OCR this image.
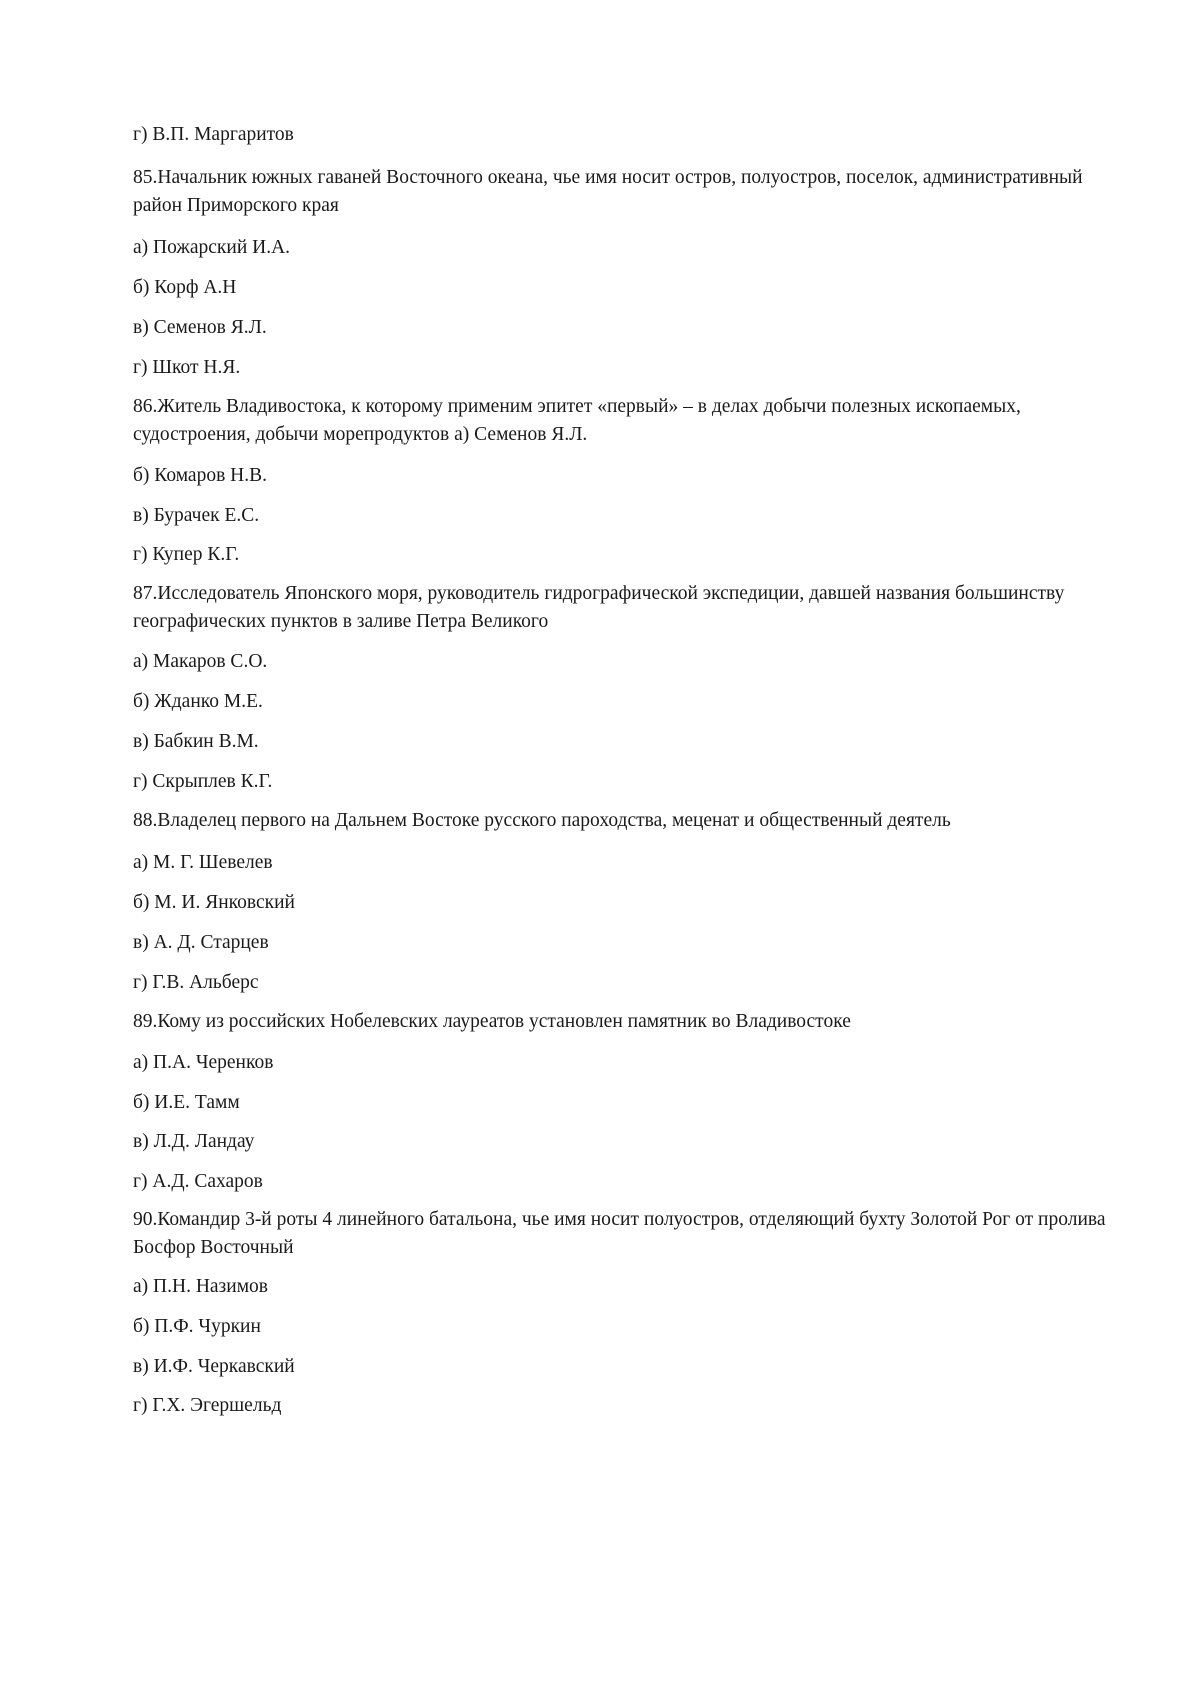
г) В.П. Маргаритов
85.Начальник южных гаваней Восточного океана, чье имя носит остров, полуостров, поселок, административный район Приморского края
а) Пожарский И.А.
б) Корф А.Н
в) Семенов Я.Л.
г) Шкот Н.Я.
86.Житель Владивостока, к которому применим эпитет «первый» – в делах добычи полезных ископаемых, судостроения, добычи морепродуктов а) Семенов Я.Л.
б) Комаров Н.В.
в) Бурачек Е.С.
г) Купер К.Г.
87.Исследователь Японского моря, руководитель гидрографической экспедиции, давшей названия большинству географических пунктов в заливе Петра Великого
а) Макаров С.О.
б) Жданко М.Е.
в) Бабкин В.М.
г) Скрыплев К.Г.
88.Владелец первого на Дальнем Востоке русского пароходства, меценат и общественный деятель
а) М. Г. Шевелев
б) М. И. Янковский
в) А. Д. Старцев
г) Г.В. Альберс
89.Кому из российских Нобелевских лауреатов установлен памятник во Владивостоке
а) П.А. Черенков
б) И.Е. Тамм
в) Л.Д. Ландау
г) А.Д. Сахаров
90.Командир 3-й роты 4 линейного батальона, чье имя носит полуостров, отделяющий бухту Золотой Рог от пролива Босфор Восточный
а) П.Н. Назимов
б) П.Ф. Чуркин
в) И.Ф. Черкавский
г) Г.Х. Эгершельд
